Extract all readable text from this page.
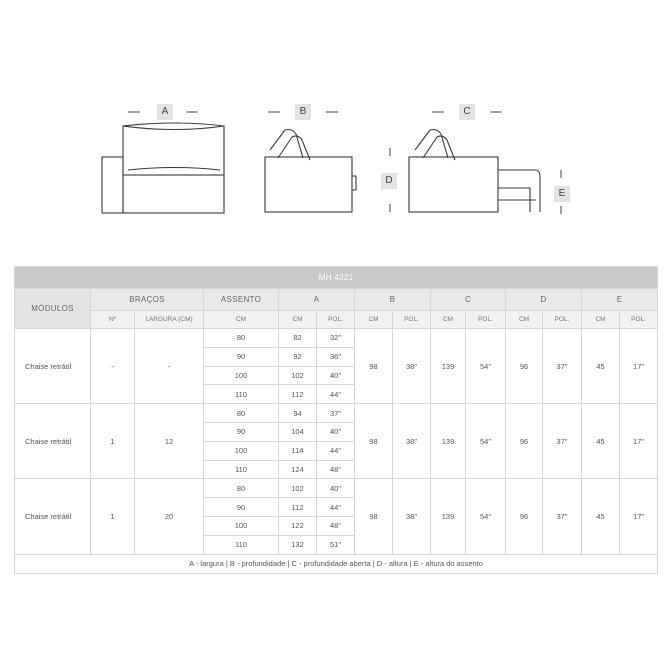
A	B	C
D
E
MH 4221													
MÓDULOS	BRAÇOS		ASSENTO	A		B		C		D		E	
	Nº	LARGURA (CM)	CM	CM	POL.	CM	POL.	CM	POL.	CM	POL.	CM	POL.
Chaise retrátil	-	-	80	82	32"	98	38"	139	54"	96	37"	45	17"
			90	92	36"								
			100	102	40"								
			110	112	44"								
Chaise retrátil	1	12	80	94	37"	98	38"	139	54"	96	37"	45	17"
			90	104	40"								
			100	114	44"								
			110	124	48"								
Chaise retrátil	1	20	80	102	40"	98	38"	139	54"	96	37"	45	17"
			90	112	44"								
			100	122	48"								
			110	132	51"								
A - largura | B - profundidade | C - profundidade aberta | D - altura | E - altura do assento													
